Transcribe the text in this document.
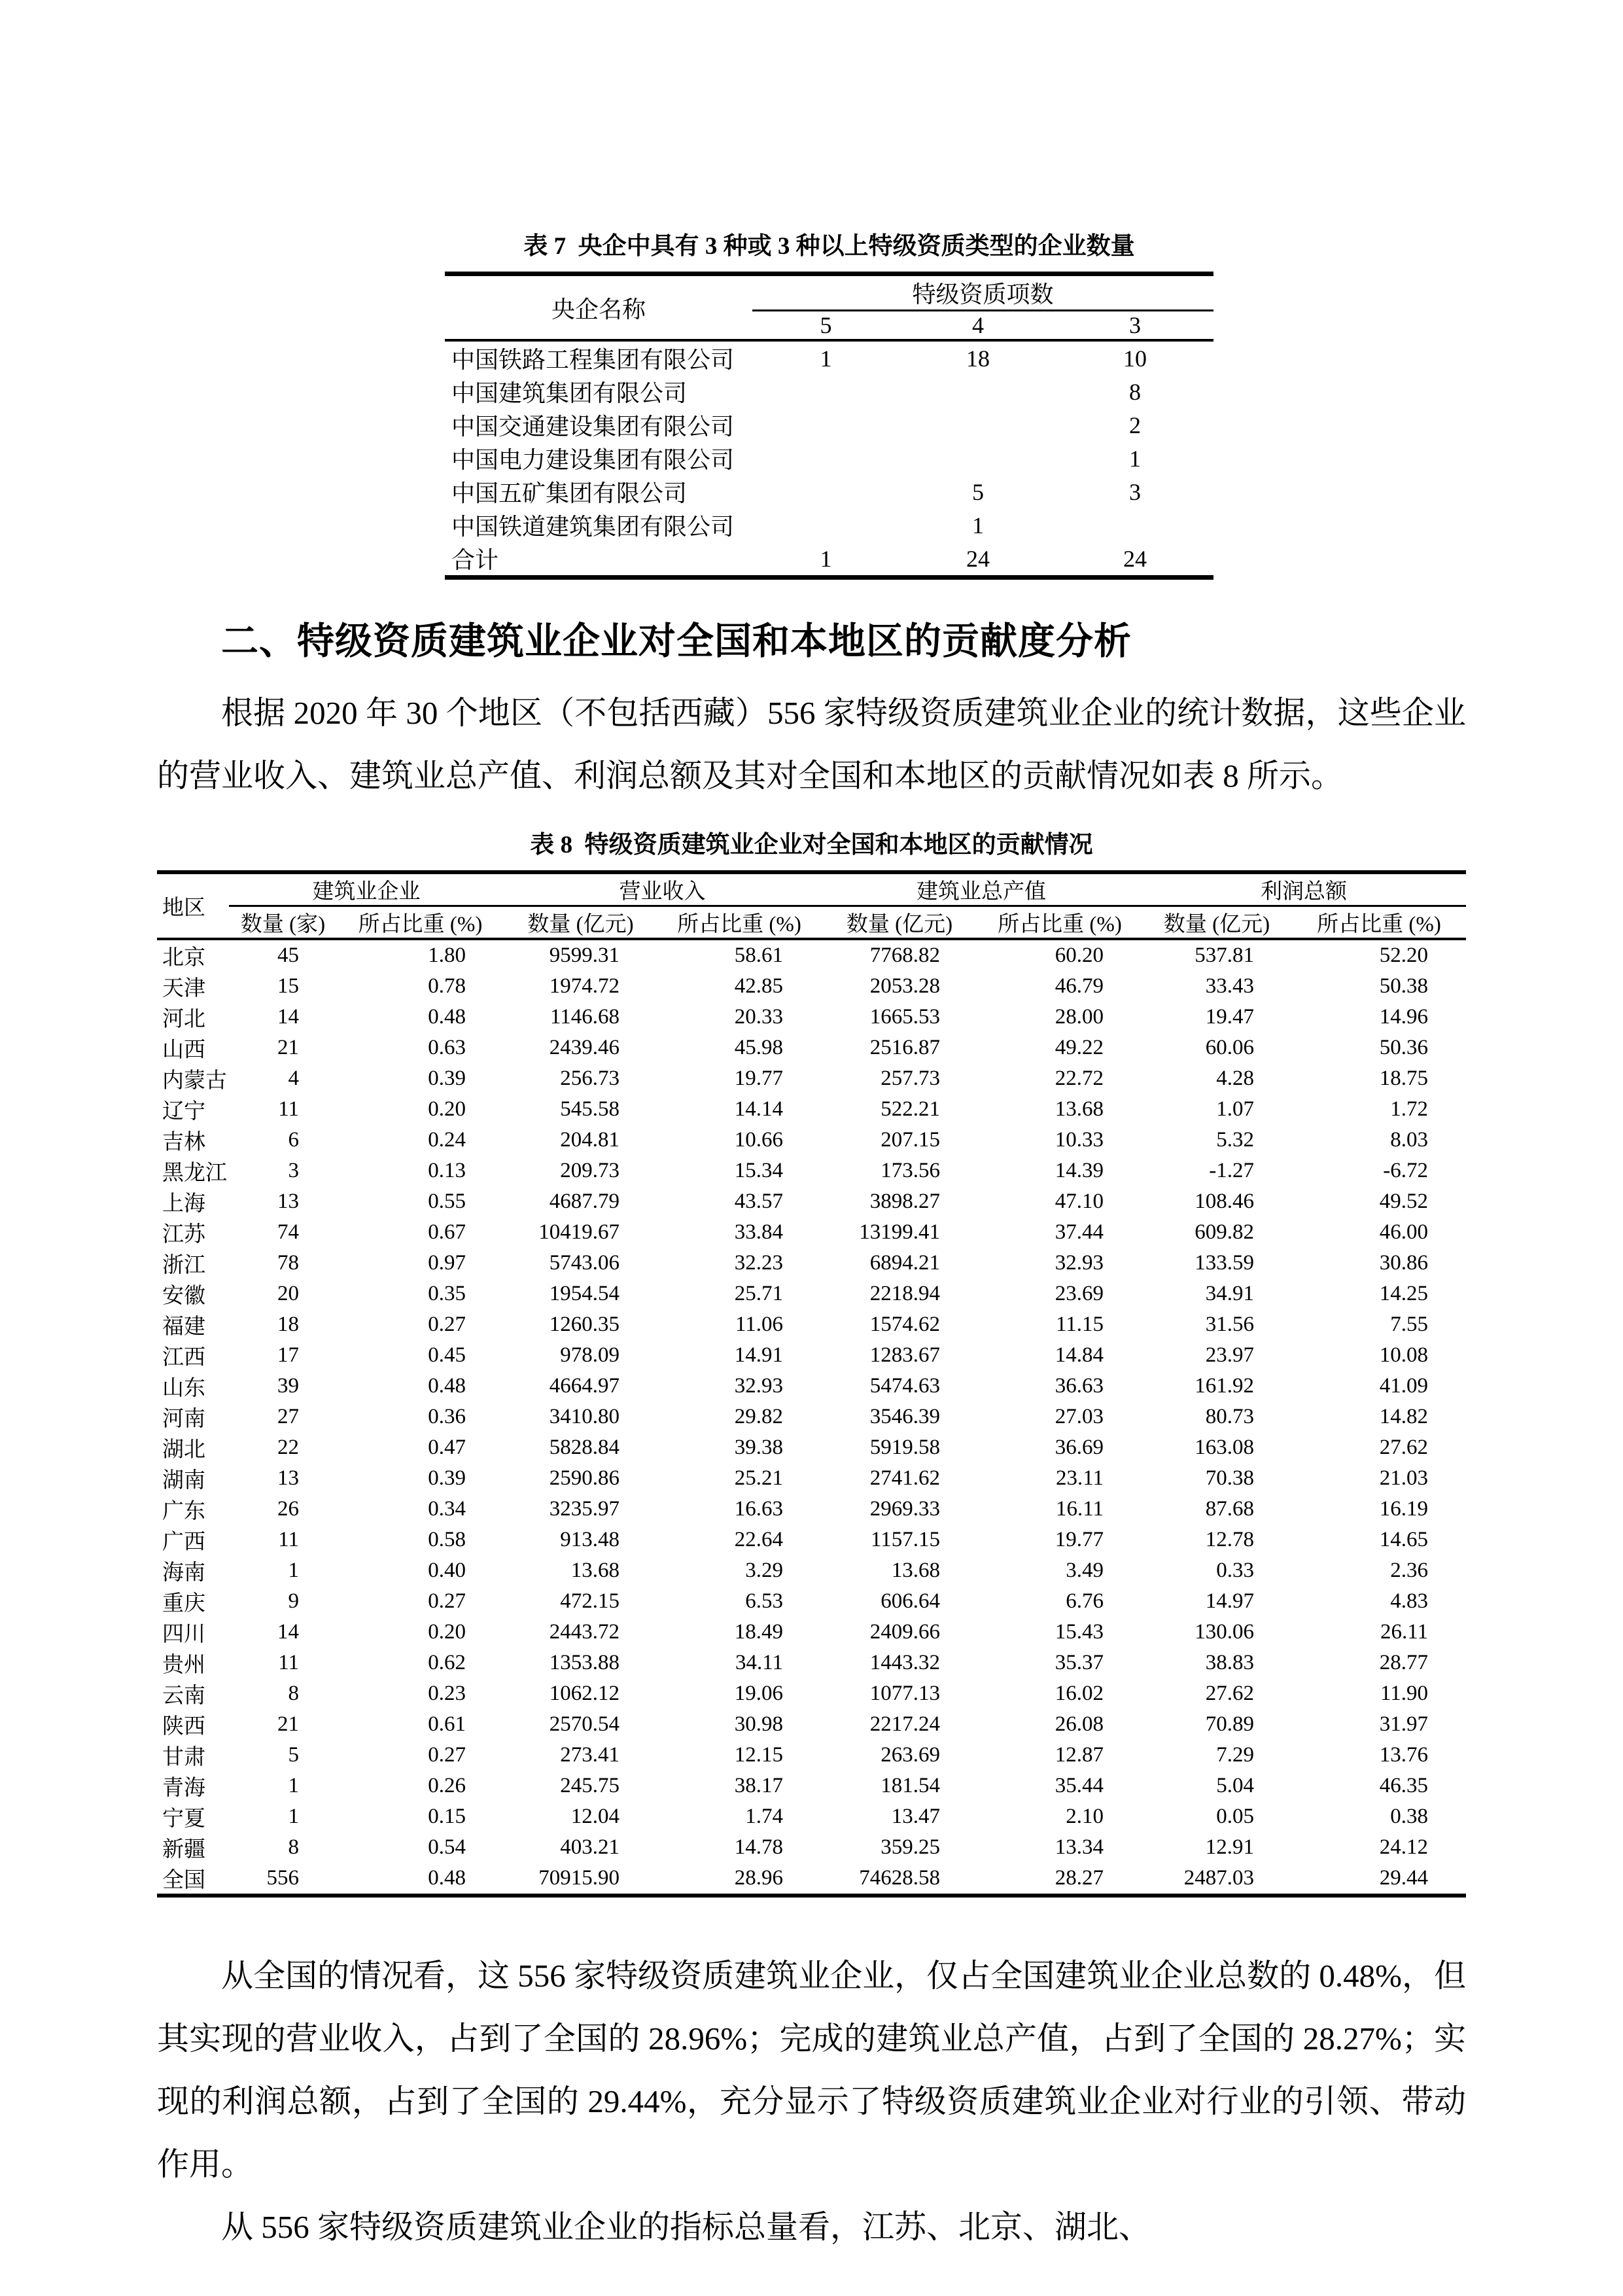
表 7  央企中具有 3 种或 3 种以上特级资质类型的企业数量
央企名称	特级资质项数		
	5	4	3
中国铁路工程集团有限公司	1	18	10
中国建筑集团有限公司			8
中国交通建设集团有限公司			2
中国电力建设集团有限公司			1
中国五矿集团有限公司		5	3
中国铁道建筑集团有限公司		1	
合计	1	24	24
二、特级资质建筑业企业对全国和本地区的贡献度分析

根据 2020 年 30 个地区（不包括西藏）556 家特级资质建筑业企业的统计数据，这些企业的营业收入、建筑业总产值、利润总额及其对全国和本地区的贡献情况如表 8 所示。

表 8  特级资质建筑业企业对全国和本地区的贡献情况
地区	建筑业企业		营业收入		建筑业总产值		利润总额	
	数量 (家)	所占比重 (%)	数量 (亿元)	所占比重 (%)	数量 (亿元)	所占比重 (%)	数量 (亿元)	所占比重 (%)
北京	45	1.80	9599.31	58.61	7768.82	60.20	537.81	52.20
天津	15	0.78	1974.72	42.85	2053.28	46.79	33.43	50.38
河北	14	0.48	1146.68	20.33	1665.53	28.00	19.47	14.96
山西	21	0.63	2439.46	45.98	2516.87	49.22	60.06	50.36
内蒙古	4	0.39	256.73	19.77	257.73	22.72	4.28	18.75
辽宁	11	0.20	545.58	14.14	522.21	13.68	1.07	1.72
吉林	6	0.24	204.81	10.66	207.15	10.33	5.32	8.03
黑龙江	3	0.13	209.73	15.34	173.56	14.39	-1.27	-6.72
上海	13	0.55	4687.79	43.57	3898.27	47.10	108.46	49.52
江苏	74	0.67	10419.67	33.84	13199.41	37.44	609.82	46.00
浙江	78	0.97	5743.06	32.23	6894.21	32.93	133.59	30.86
安徽	20	0.35	1954.54	25.71	2218.94	23.69	34.91	14.25
福建	18	0.27	1260.35	11.06	1574.62	11.15	31.56	7.55
江西	17	0.45	978.09	14.91	1283.67	14.84	23.97	10.08
山东	39	0.48	4664.97	32.93	5474.63	36.63	161.92	41.09
河南	27	0.36	3410.80	29.82	3546.39	27.03	80.73	14.82
湖北	22	0.47	5828.84	39.38	5919.58	36.69	163.08	27.62
湖南	13	0.39	2590.86	25.21	2741.62	23.11	70.38	21.03
广东	26	0.34	3235.97	16.63	2969.33	16.11	87.68	16.19
广西	11	0.58	913.48	22.64	1157.15	19.77	12.78	14.65
海南	1	0.40	13.68	3.29	13.68	3.49	0.33	2.36
重庆	9	0.27	472.15	6.53	606.64	6.76	14.97	4.83
四川	14	0.20	2443.72	18.49	2409.66	15.43	130.06	26.11
贵州	11	0.62	1353.88	34.11	1443.32	35.37	38.83	28.77
云南	8	0.23	1062.12	19.06	1077.13	16.02	27.62	11.90
陕西	21	0.61	2570.54	30.98	2217.24	26.08	70.89	31.97
甘肃	5	0.27	273.41	12.15	263.69	12.87	7.29	13.76
青海	1	0.26	245.75	38.17	181.54	35.44	5.04	46.35
宁夏	1	0.15	12.04	1.74	13.47	2.10	0.05	0.38
新疆	8	0.54	403.21	14.78	359.25	13.34	12.91	24.12
全国	556	0.48	70915.90	28.96	74628.58	28.27	2487.03	29.44

从全国的情况看，这 556 家特级资质建筑业企业，仅占全国建筑业企业总数的 0.48%，但其实现的营业收入，占到了全国的 28.96%；完成的建筑业总产值，占到了全国的 28.27%；实现的利润总额，占到了全国的 29.44%，充分显示了特级资质建筑业企业对行业的引领、带动作用。

从 556 家特级资质建筑业企业的指标总量看，江苏、北京、湖北、
